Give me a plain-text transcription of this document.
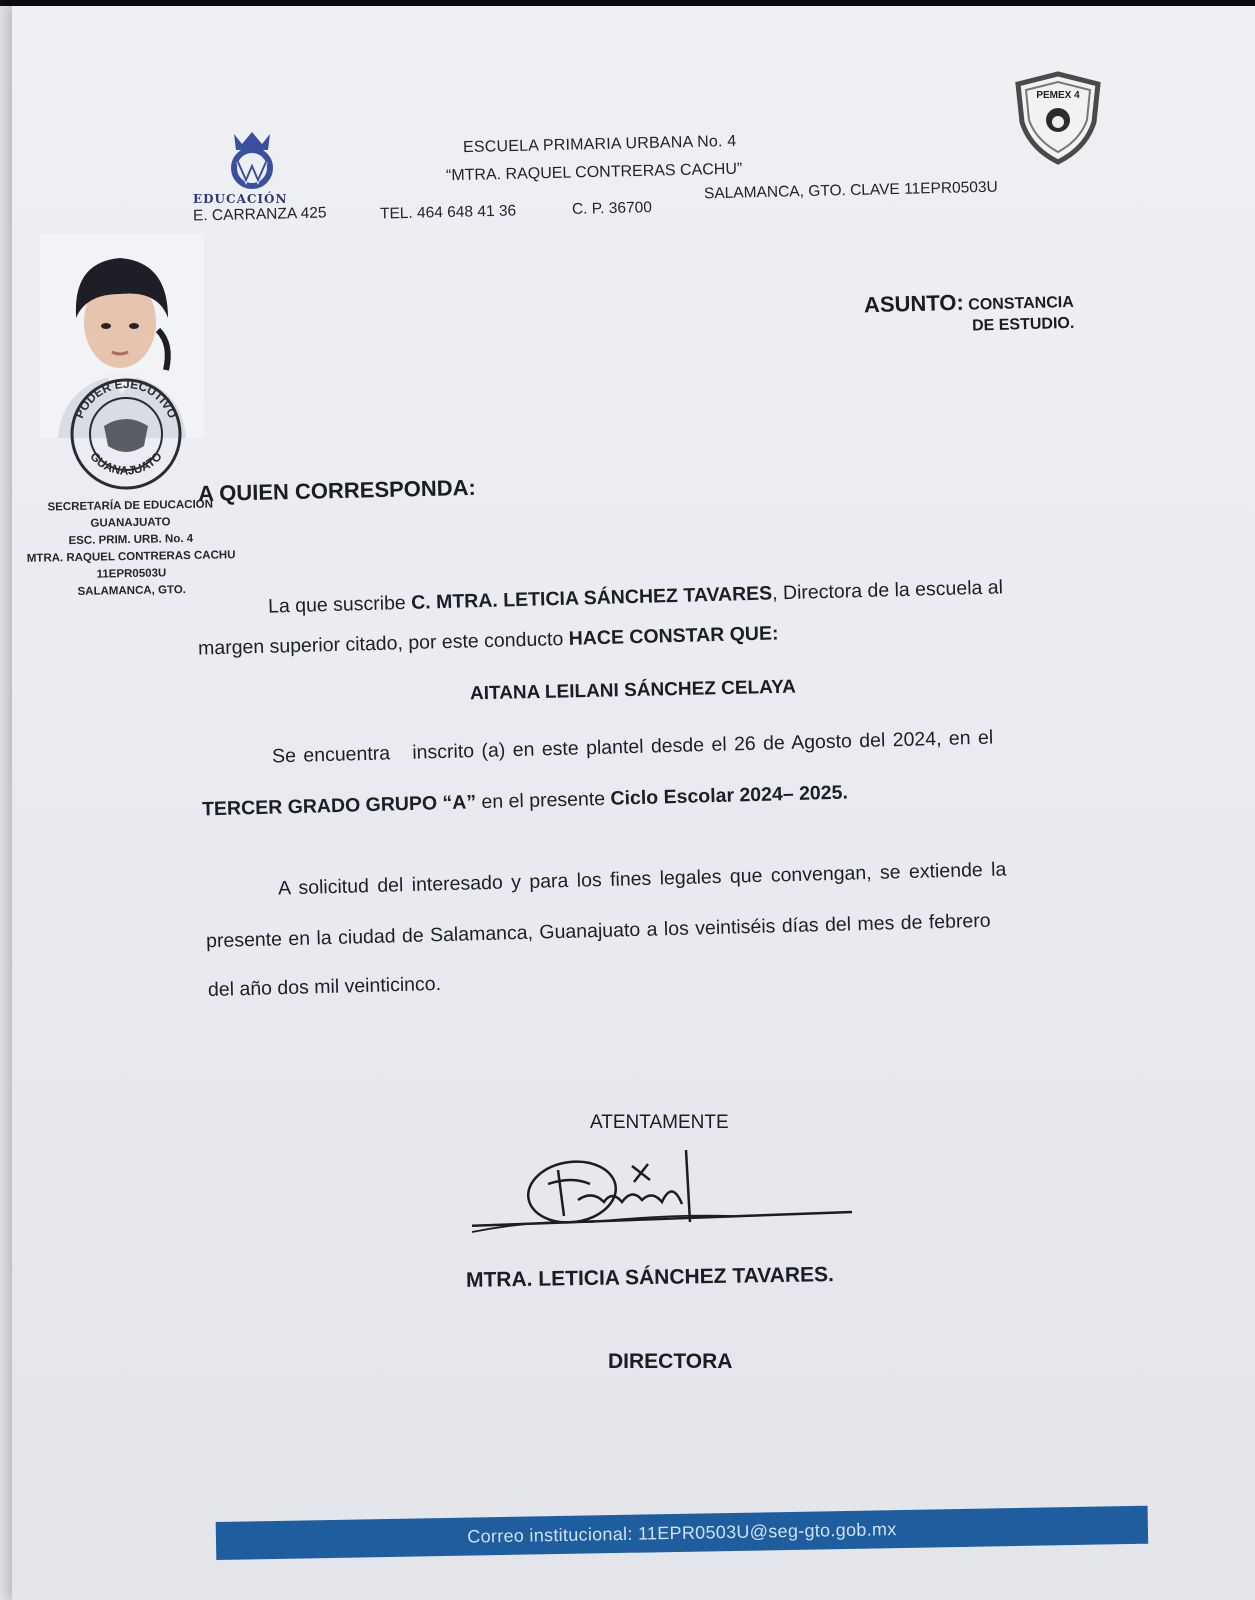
EDUCACIÓN
ESCUELA PRIMARIA URBANA No. 4
“MTRA. RAQUEL CONTRERAS CACHU”
E. CARRANZA 425	TEL. 464 648 41 36	C. P. 36700
SALAMANCA, GTO. CLAVE 11EPR0503U
PEMEX 4
PODER EJECUTIVO
GUANAJUATO
SECRETARÍA DE EDUCACIÓN
GUANAJUATO
ESC. PRIM. URB. No. 4
MTRA. RAQUEL CONTRERAS CACHU
11EPR0503U
SALAMANCA, GTO.
ASUNTO: CONSTANCIA
DE ESTUDIO.
A QUIEN CORRESPONDA:
La que suscribe C. MTRA. LETICIA SÁNCHEZ TAVARES, Directora de la escuela al
margen superior citado, por este conducto HACE CONSTAR QUE:
AITANA LEILANI SÁNCHEZ CELAYA
Se encuentra   inscrito (a) en este plantel desde el 26 de Agosto del 2024, en el
TERCER GRADO GRUPO “A” en el presente Ciclo Escolar 2024– 2025.
A solicitud del interesado y para los fines legales que convengan, se extiende la
presente en la ciudad de Salamanca, Guanajuato a los veintiséis días del mes de febrero
del año dos mil veinticinco.
ATENTAMENTE
MTRA. LETICIA SÁNCHEZ TAVARES.
DIRECTORA
Correo institucional: 11EPR0503U@seg-gto.gob.mx
